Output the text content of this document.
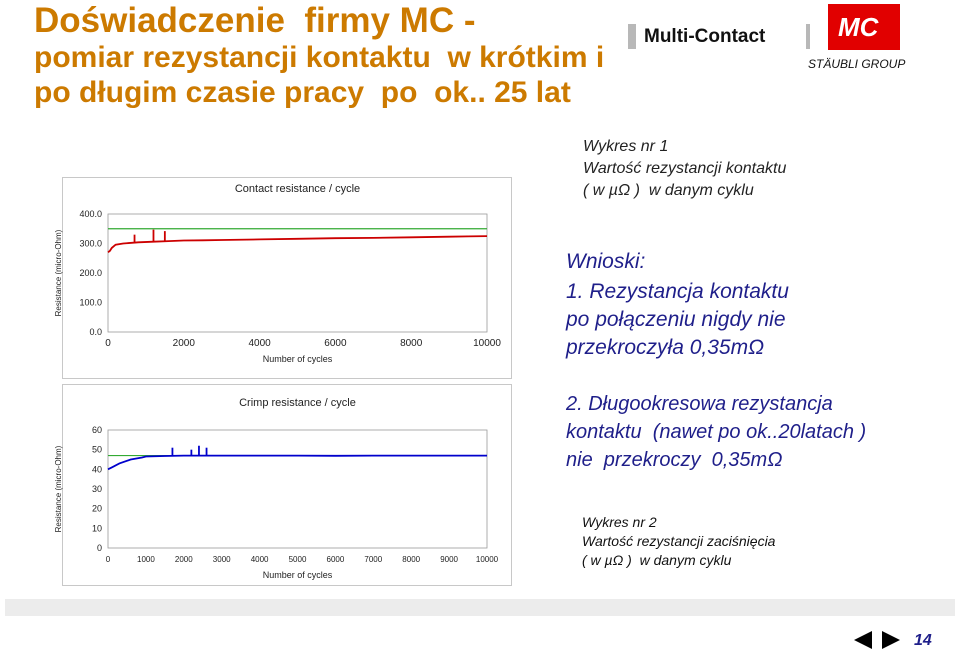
Doświadczenie  firmy MC -
pomiar rezystancji kontaktu  w krótkim i
po długim czasie pracy  po  ok.. 25 lat
Multi-Contact	MC
STÄUBLI GROUP
Contact resistance / cycle
0.0
100.0
200.0
300.0
400.0
0	2000	4000	6000	8000	10000
Number of cycles
Resistance (micro-Ohm)
Crimp resistance / cycle
0
10
20
30
40
50
60
0	1000	2000	3000	4000	5000	6000	7000	8000	9000 10000
Number of cycles
Resistance (micro-Ohm)
Wykres nr 1
Wartość rezystancji kontaktu
( w µΩ )  w danym cyklu
Wnioski:
1. Rezystancja kontaktu
po połączeniu nigdy nie
przekroczyła 0,35mΩ
2. Długookresowa rezystancja
kontaktu  (nawet po ok..20latach )
nie  przekroczy  0,35mΩ
Wykres nr 2
Wartość rezystancji zaciśnięcia
( w µΩ )  w danym cyklu
14
